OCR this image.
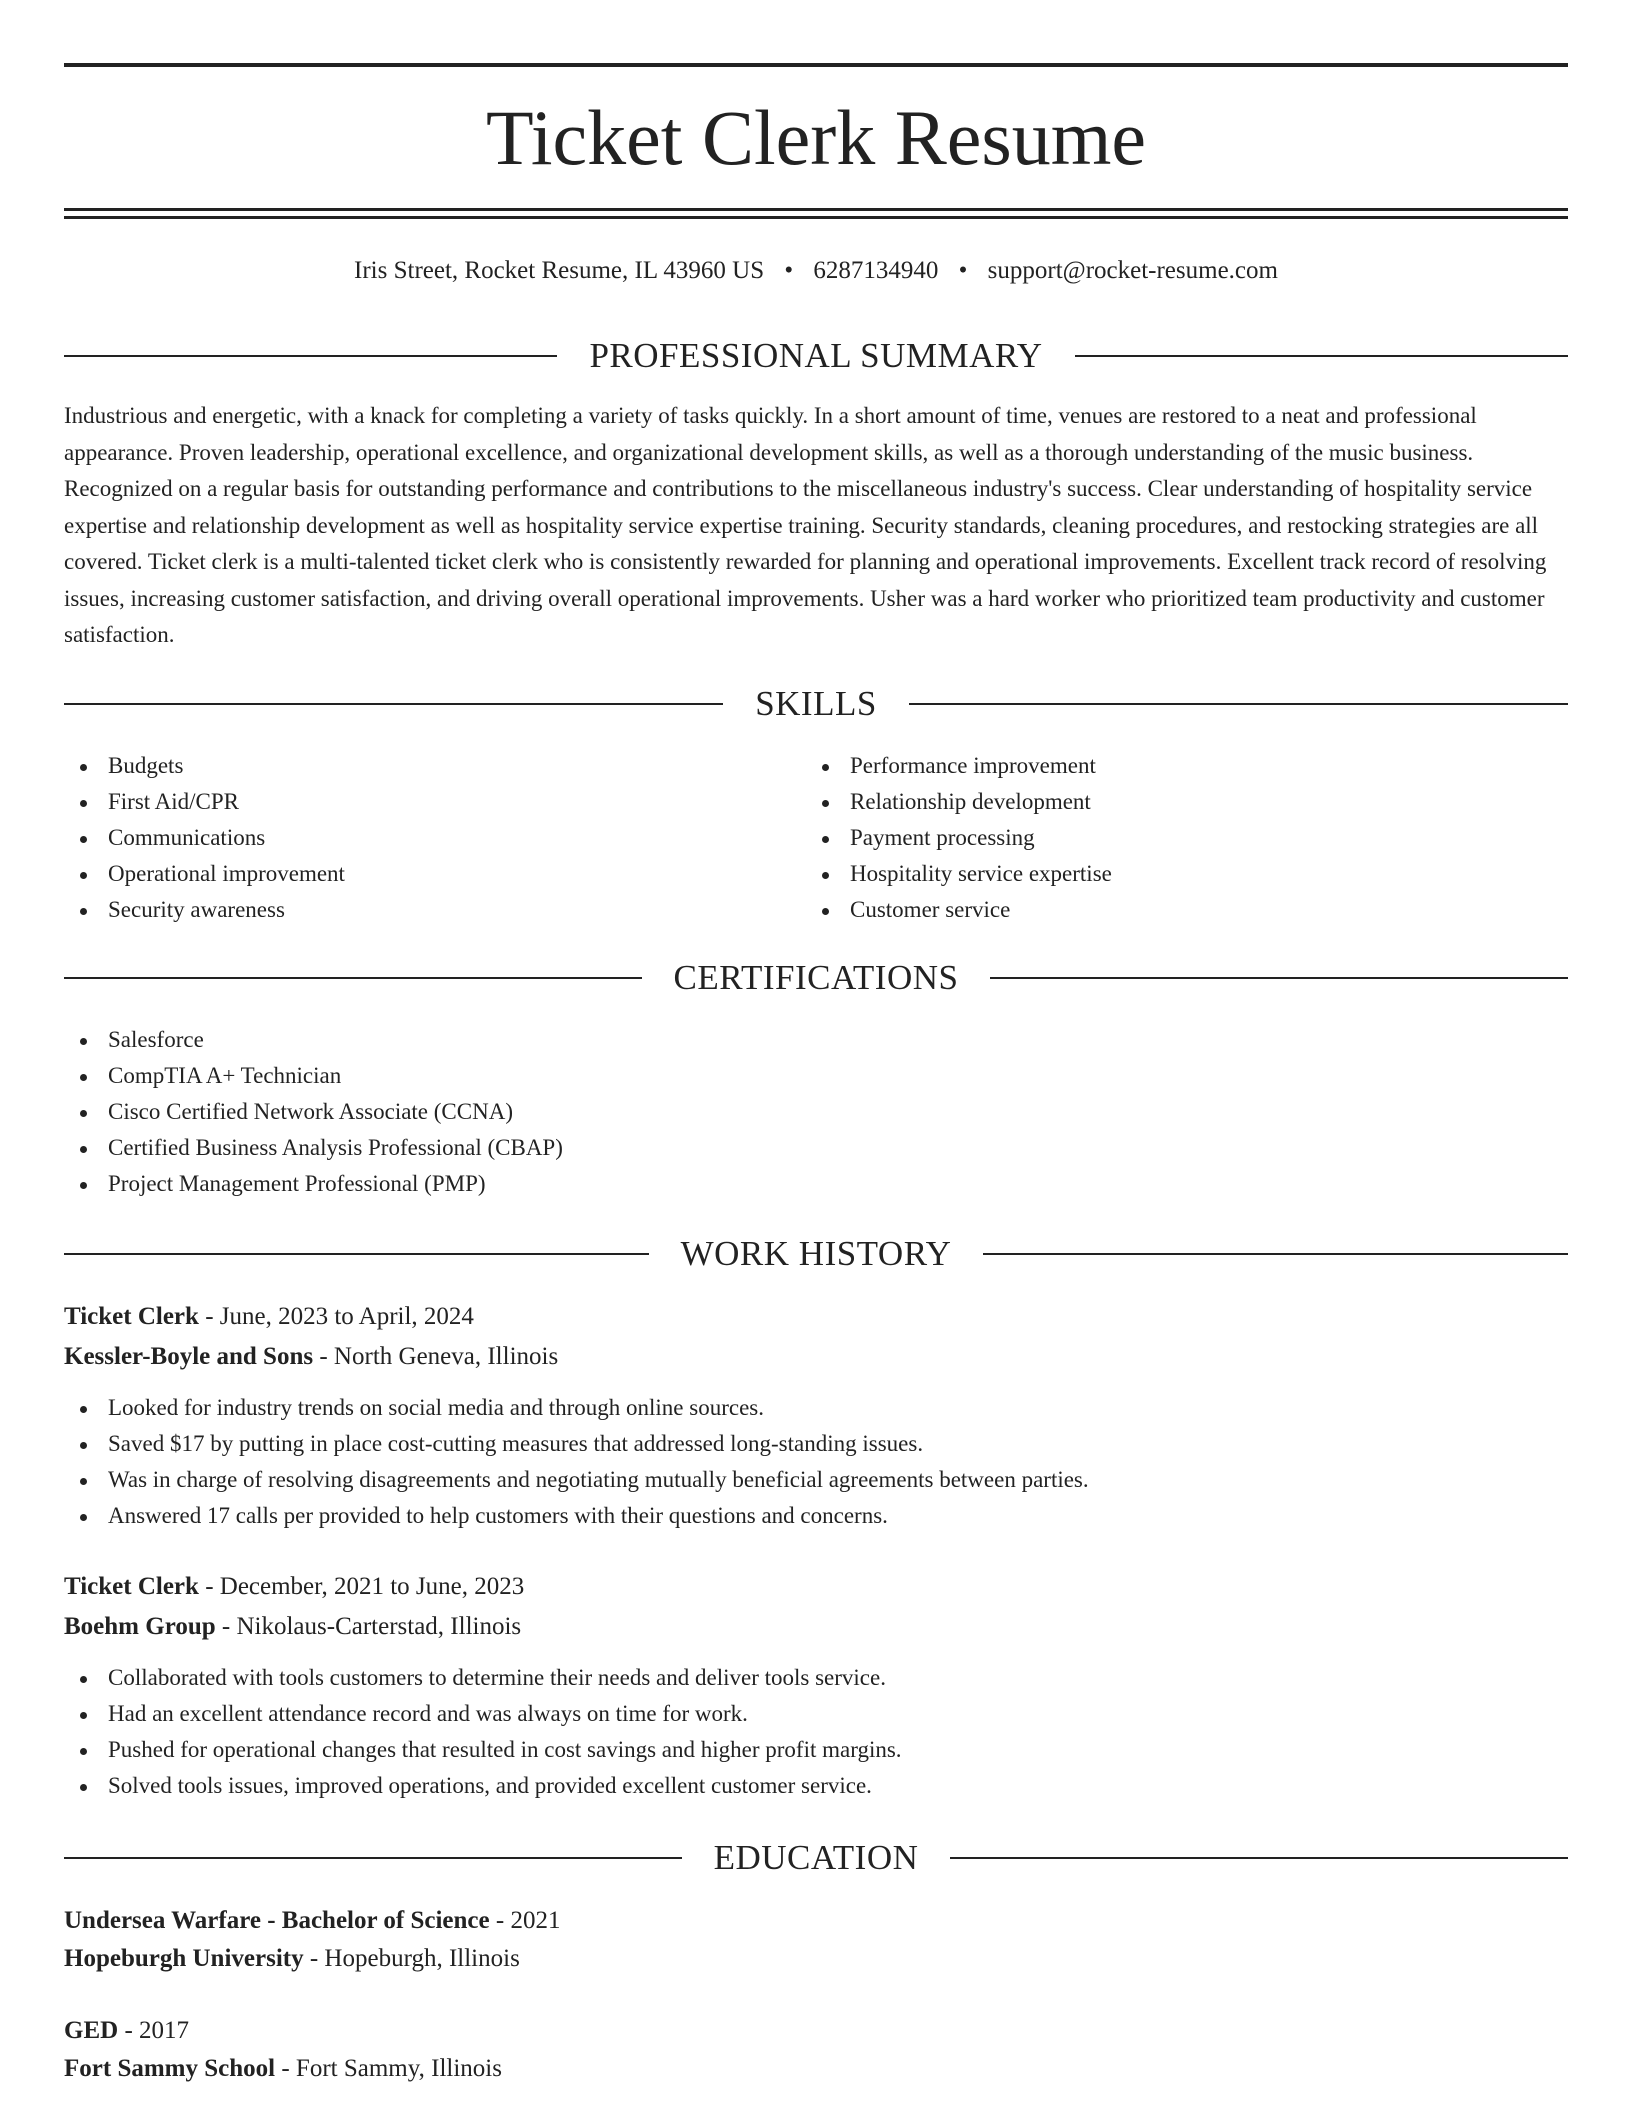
Ticket Clerk Resume
Iris Street, Rocket Resume, IL 43960 US • 6287134940 • support@rocket-resume.com
PROFESSIONAL SUMMARY

Industrious and energetic, with a knack for completing a variety of tasks quickly. In a short amount of time, venues are restored to a neat and professional appearance. Proven leadership, operational excellence, and organizational development skills, as well as a thorough understanding of the music business. Recognized on a regular basis for outstanding performance and contributions to the miscellaneous industry's success. Clear understanding of hospitality service expertise and relationship development as well as hospitality service expertise training. Security standards, cleaning procedures, and restocking strategies are all covered. Ticket clerk is a multi-talented ticket clerk who is consistently rewarded for planning and operational improvements. Excellent track record of resolving issues, increasing customer satisfaction, and driving overall operational improvements. Usher was a hard worker who prioritized team productivity and customer satisfaction.

SKILLS
Budgets
First Aid/CPR
Communications
Operational improvement
Security awareness
Performance improvement
Relationship development
Payment processing
Hospitality service expertise
Customer service
CERTIFICATIONS
Salesforce
CompTIA A+ Technician
Cisco Certified Network Associate (CCNA)
Certified Business Analysis Professional (CBAP)
Project Management Professional (PMP)
WORK HISTORY
Ticket Clerk - June, 2023 to April, 2024
Kessler-Boyle and Sons - North Geneva, Illinois
Looked for industry trends on social media and through online sources.
Saved $17 by putting in place cost-cutting measures that addressed long-standing issues.
Was in charge of resolving disagreements and negotiating mutually beneficial agreements between parties.
Answered 17 calls per provided to help customers with their questions and concerns.
Ticket Clerk - December, 2021 to June, 2023
Boehm Group - Nikolaus-Carterstad, Illinois
Collaborated with tools customers to determine their needs and deliver tools service.
Had an excellent attendance record and was always on time for work.
Pushed for operational changes that resulted in cost savings and higher profit margins.
Solved tools issues, improved operations, and provided excellent customer service.
EDUCATION
Undersea Warfare - Bachelor of Science - 2021
Hopeburgh University - Hopeburgh, Illinois
GED - 2017
Fort Sammy School - Fort Sammy, Illinois
